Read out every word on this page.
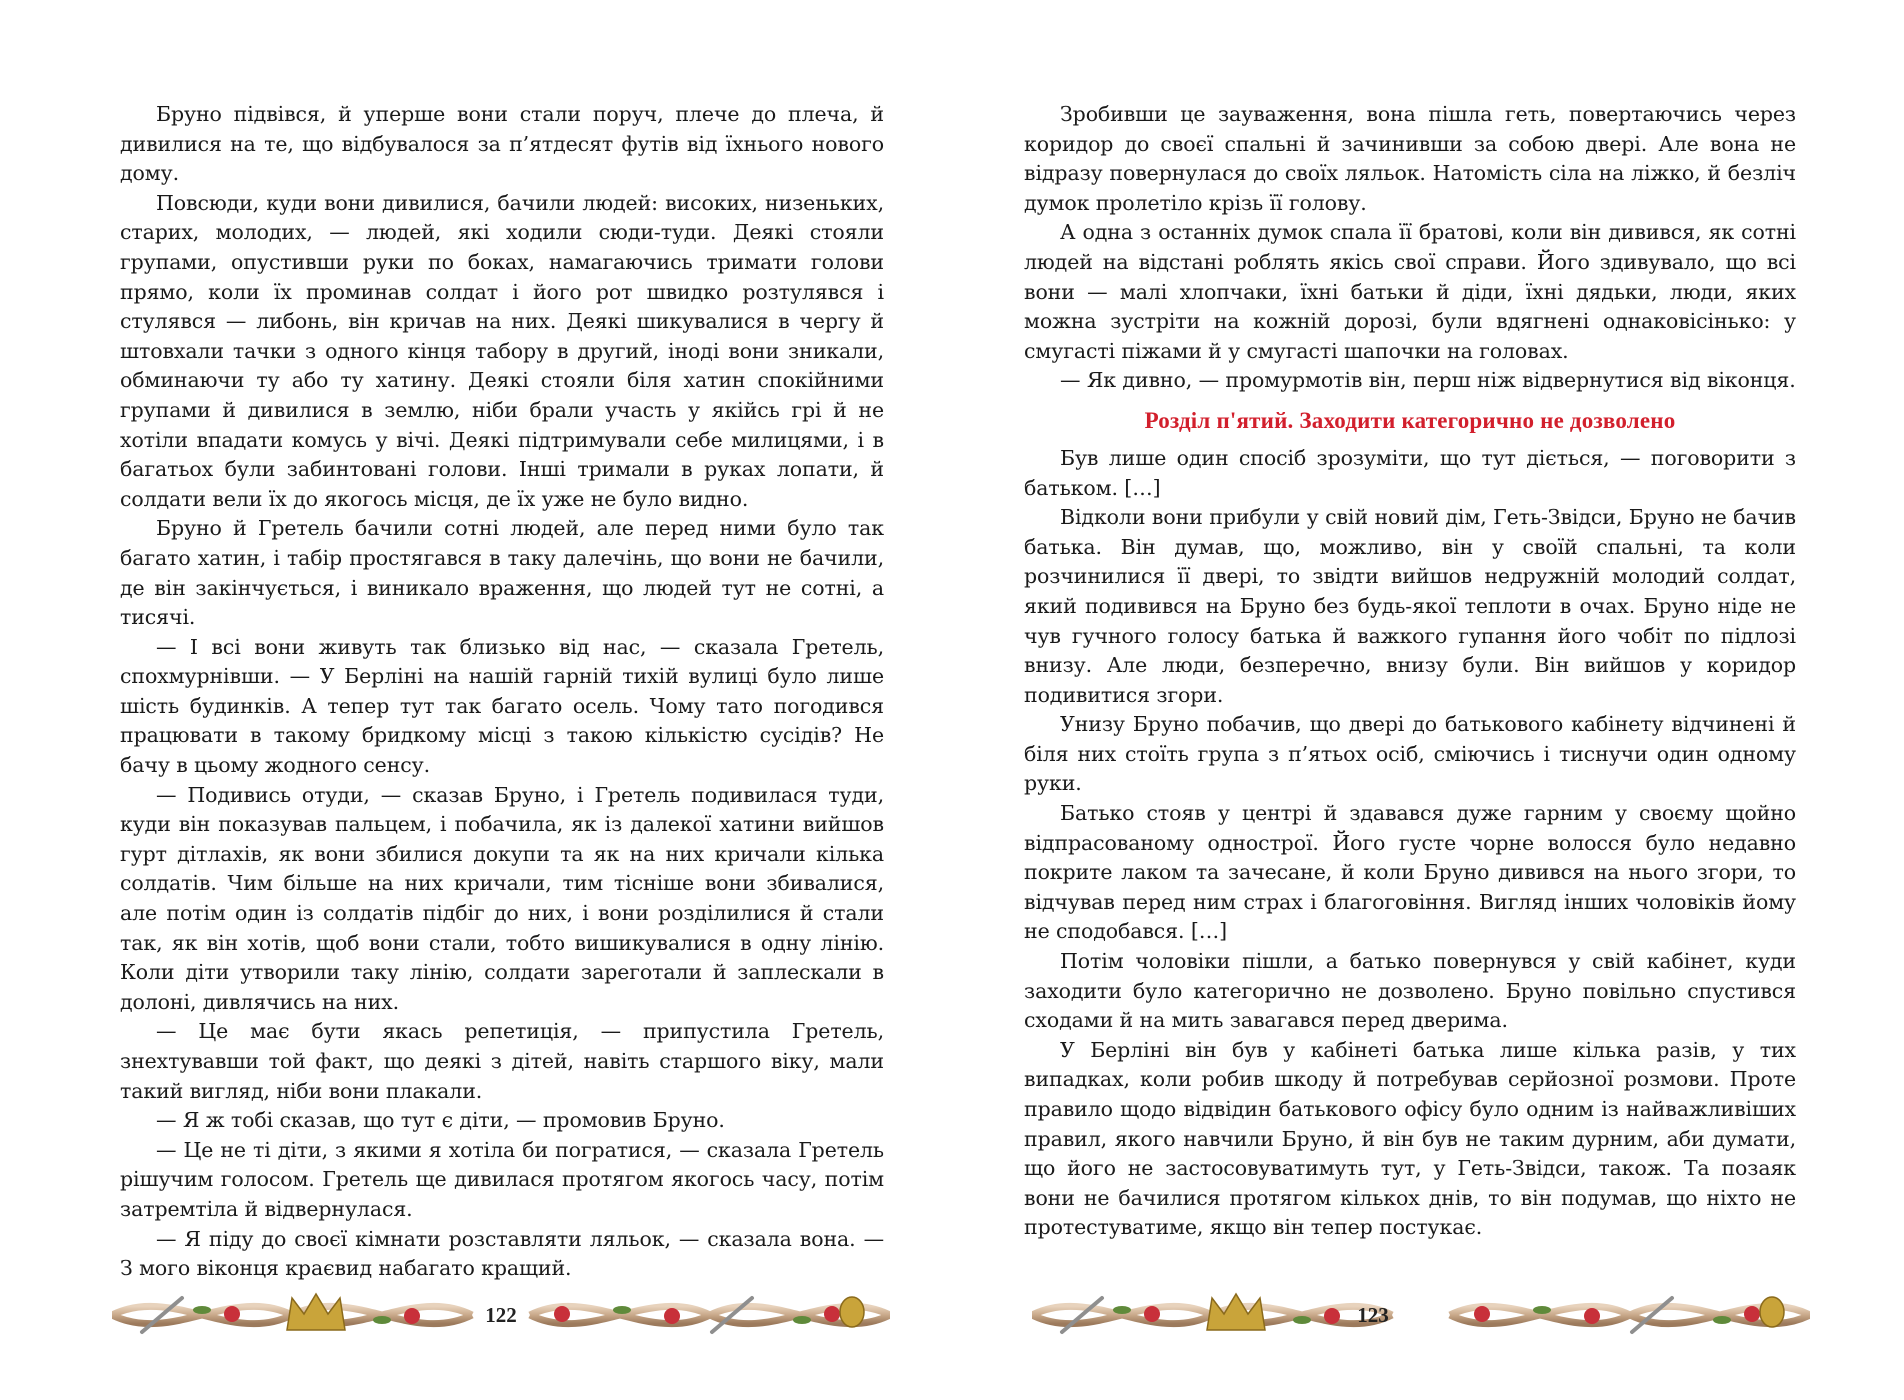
Бруно підвівся, й уперше вони стали поруч, плече до плеча, й дивилися на те, що відбувалося за п’ятдесят футів від їхнього нового дому.

Повсюди, куди вони дивилися, бачили людей: високих, низеньких, старих, молодих, — людей, які ходили сюди-туди. Деякі стояли групами, опустивши руки по боках, намагаючись тримати голови прямо, коли їх проминав солдат і його рот швидко розтулявся і стулявся — либонь, він кричав на них. Деякі шикувалися в чергу й штовхали тачки з одного кінця табору в другий, іноді вони зникали, обминаючи ту або ту хатину. Деякі стояли біля хатин спокійними групами й дивилися в землю, ніби брали участь у якійсь грі й не хотіли впадати комусь у вічі. Деякі підтримували себе милицями, і в багатьох були забинтовані голови. Інші тримали в руках лопати, й солдати вели їх до якогось місця, де їх уже не було видно.

Бруно й Гретель бачили сотні людей, але перед ними було так багато хатин, і табір простягався в таку далечінь, що вони не бачили, де він закінчується, і виникало враження, що людей тут не сотні, а тисячі.

— І всі вони живуть так близько від нас, — сказала Гретель, спохмурнівши. — У Берліні на нашій гарній тихій вулиці було лише шість будинків. А тепер тут так багато осель. Чому тато погодився працювати в такому бридкому місці з такою кількістю сусідів? Не бачу в цьому жодного сенсу.

— Подивись отуди, — сказав Бруно, і Гретель подивилася туди, куди він показував пальцем, і побачила, як із далекої хатини вийшов гурт дітлахів, як вони збилися докупи та як на них кричали кілька солдатів. Чим більше на них кричали, тим тісніше вони збивалися, але потім один із солдатів підбіг до них, і вони розділилися й стали так, як він хотів, щоб вони стали, тобто вишикувалися в одну лінію. Коли діти утворили таку лінію, солдати зареготали й заплескали в долоні, дивлячись на них.

— Це має бути якась репетиція, — припустила Гретель, знехтувавши той факт, що деякі з дітей, навіть старшого віку, мали такий вигляд, ніби вони плакали.

— Я ж тобі сказав, що тут є діти, — промовив Бруно.

— Це не ті діти, з якими я хотіла би погратися, — сказала Гретель рішучим голосом. Гретель ще дивилася протягом якогось часу, потім затремтіла й відвернулася.

— Я піду до своєї кімнати розставляти ляльок, — сказала вона. — З мого віконця краєвид набагато кращий.

122

Зробивши це зауваження, вона пішла геть, повертаючись через коридор до своєї спальні й зачинивши за собою двері. Але вона не відразу повернулася до своїх ляльок. Натомість сіла на ліжко, й безліч думок пролетіло крізь її голову.

А одна з останніх думок спала її братові, коли він дивився, як сотні людей на відстані роблять якісь свої справи. Його здивувало, що всі вони — малі хлопчаки, їхні батьки й діди, їхні дядьки, люди, яких можна зустріти на кожній дорозі, були вдягнені однаковісінько: у смугасті піжами й у смугасті шапочки на головах.

— Як дивно, — промурмотів він, перш ніж відвернутися від віконця.

Розділ п'ятий. Заходити категорично не дозволено

Був лише один спосіб зрозуміти, що тут діється, — поговорити з батьком. […]

Відколи вони прибули у свій новий дім, Геть-Звідси, Бруно не бачив батька. Він думав, що, можливо, він у своїй спальні, та коли розчинилися її двері, то звідти вийшов недружній молодий солдат, який подивився на Бруно без будь-якої теплоти в очах. Бруно ніде не чув гучного голосу батька й важкого гупання його чобіт по підлозі внизу. Але люди, безперечно, внизу були. Він вийшов у коридор подивитися згори.

Унизу Бруно побачив, що двері до батькового кабінету відчинені й біля них стоїть група з п’ятьох осіб, сміючись і тиснучи один одному руки.

Батько стояв у центрі й здавався дуже гарним у своєму щойно відпрасованому однострої. Його густе чорне волосся було недавно покрите лаком та зачесане, й коли Бруно дивився на нього згори, то відчував перед ним страх і благоговіння. Вигляд інших чоловіків йому не сподобався. […]

Потім чоловіки пішли, а батько повернувся у свій кабінет, куди заходити було категорично не дозволено. Бруно повільно спустився сходами й на мить завагався перед дверима.

У Берліні він був у кабінеті батька лише кілька разів, у тих випадках, коли робив шкоду й потребував серйозної розмови. Проте правило щодо відвідин батькового офісу було одним із найважливіших правил, якого навчили Бруно, й він був не таким дурним, аби думати, що його не застосовуватимуть тут, у Геть-Звідси, також. Та позаяк вони не бачилися протягом кількох днів, то він подумав, що ніхто не протестуватиме, якщо він тепер постукає.

123
